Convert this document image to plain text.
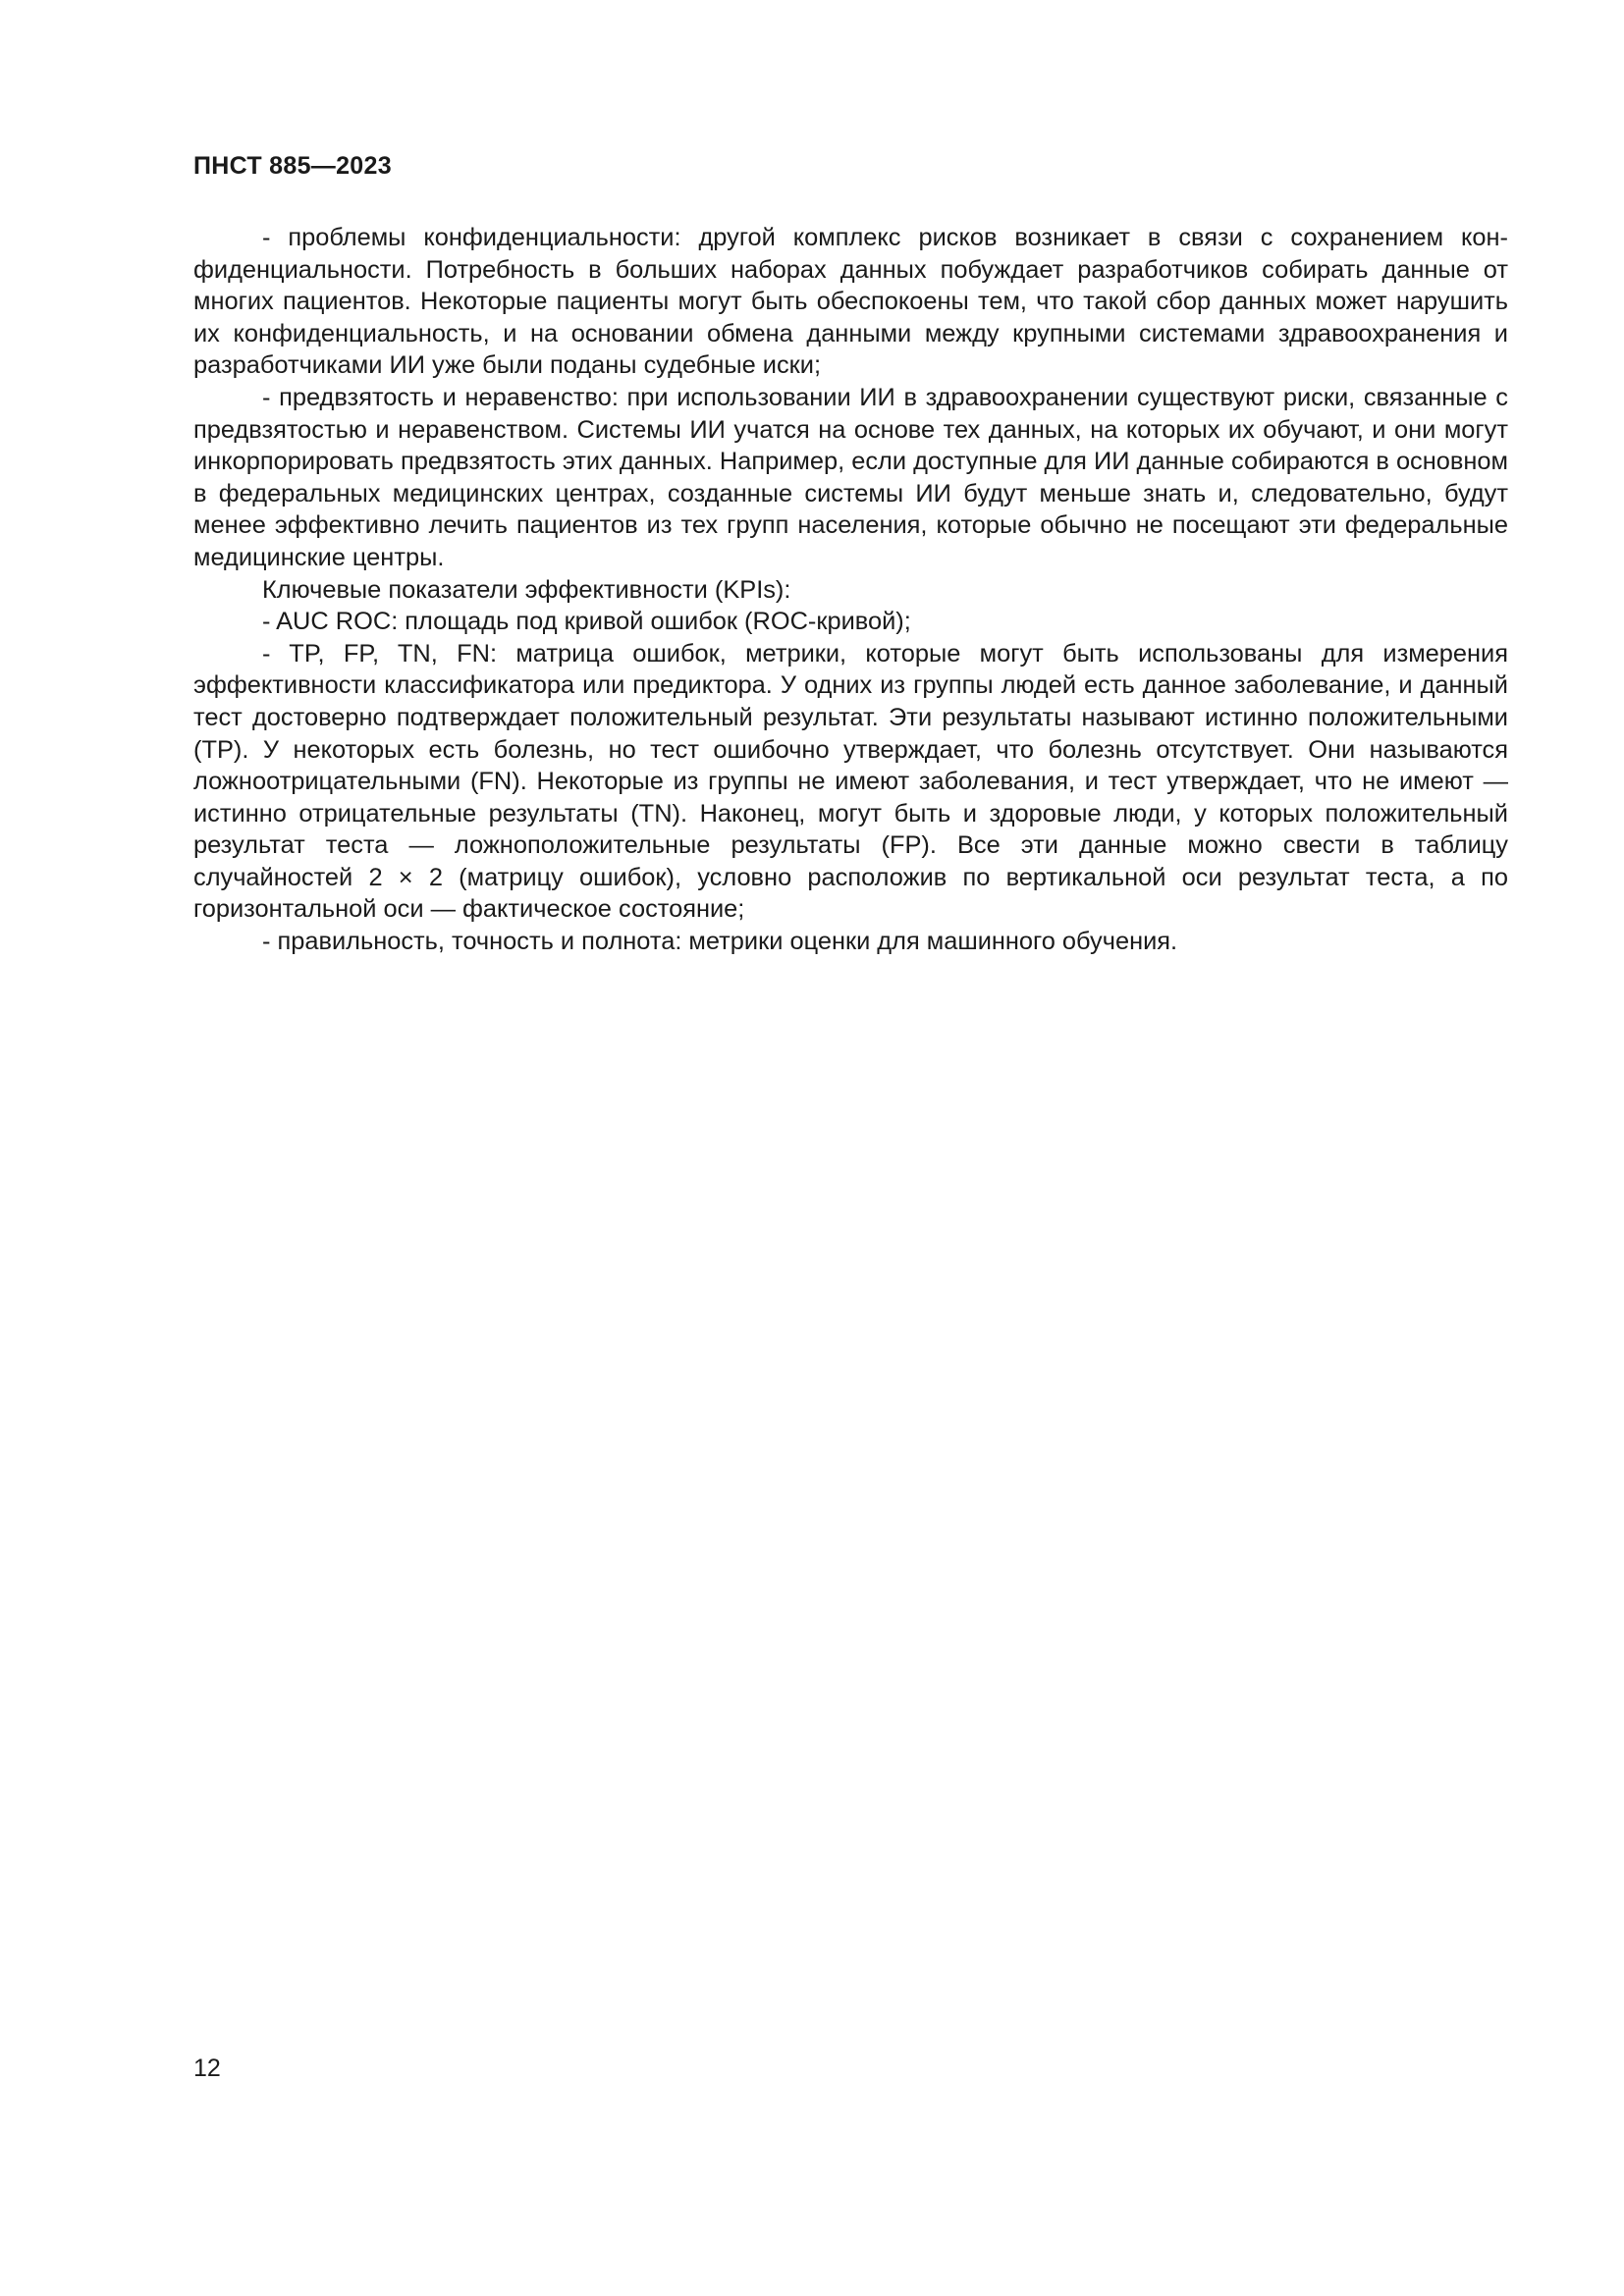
ПНСТ 885—2023

- проблемы конфиденциальности: другой комплекс рисков возникает в связи с сохранением конфиденциальности. Потребность в больших наборах данных побуждает разработчиков собирать данные от многих пациентов. Некоторые пациенты могут быть обеспокоены тем, что такой сбор данных может нарушить их конфиденциальность, и на основании обмена данными между крупными системами здравоохранения и разработчиками ИИ уже были поданы судебные иски;

- предвзятость и неравенство: при использовании ИИ в здравоохранении существуют риски, связанные с предвзятостью и неравенством. Системы ИИ учатся на основе тех данных, на которых их обучают, и они могут инкорпорировать предвзятость этих данных. Например, если доступные для ИИ данные собираются в основном в федеральных медицинских центрах, созданные системы ИИ будут меньше знать и, следовательно, будут менее эффективно лечить пациентов из тех групп населения, которые обычно не посещают эти федеральные медицинские центры.

Ключевые показатели эффективности (KPIs):

- AUC ROC: площадь под кривой ошибок (ROC-кривой);

- TP, FP, TN, FN: матрица ошибок, метрики, которые могут быть использованы для измерения эффективности классификатора или предиктора. У одних из группы людей есть данное заболевание, и данный тест достоверно подтверждает положительный результат. Эти результаты называют истинно положительными (TP). У некоторых есть болезнь, но тест ошибочно утверждает, что болезнь отсутствует. Они называются ложноотрицательными (FN). Некоторые из группы не имеют заболевания, и тест утверждает, что не имеют — истинно отрицательные результаты (TN). Наконец, могут быть и здоровые люди, у которых положительный результат теста — ложноположительные результаты (FP). Все эти данные можно свести в таблицу случайностей 2 × 2 (матрицу ошибок), условно расположив по вертикальной оси результат теста, а по горизонтальной оси — фактическое состояние;

- правильность, точность и полнота: метрики оценки для машинного обучения.

12
